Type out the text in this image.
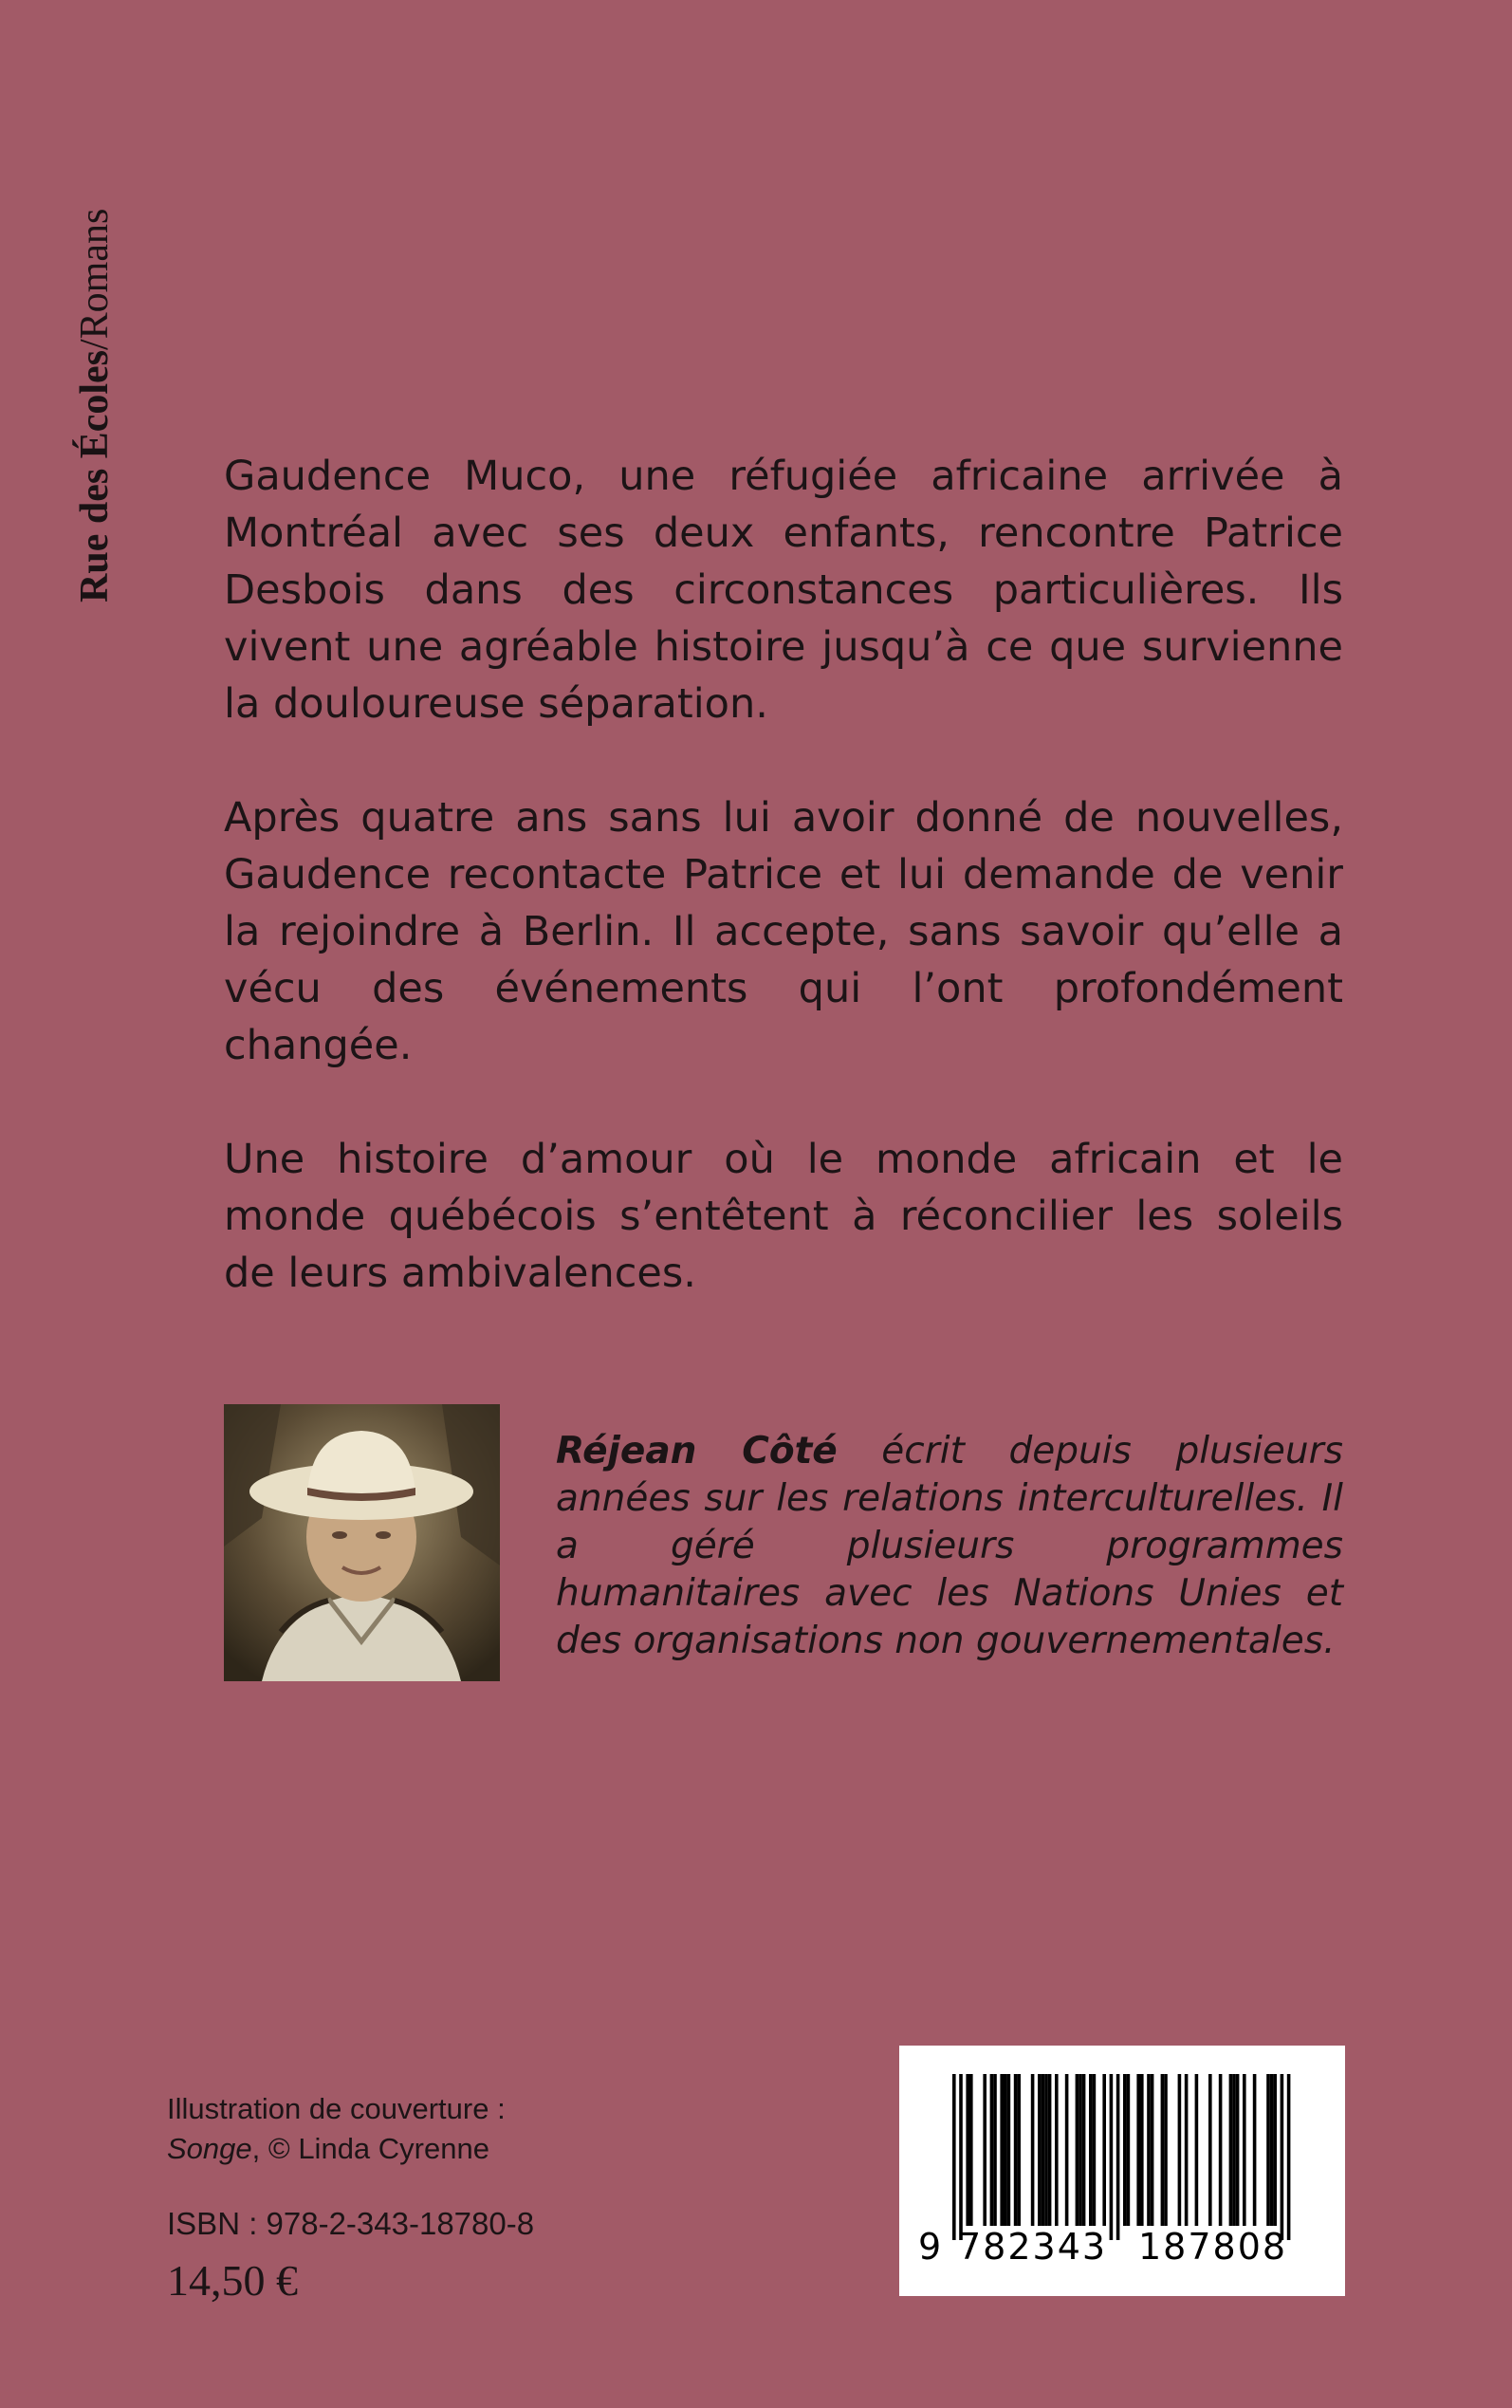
Rue des Écoles/Romans

Gaudence Muco, une réfugiée africaine arrivée à Montréal avec ses deux enfants, rencontre Patrice Desbois dans des circonstances particulières. Ils vivent une agréable histoire jusqu’à ce que survienne la douloureuse séparation.

Après quatre ans sans lui avoir donné de nouvelles, Gaudence recontacte Patrice et lui demande de venir la rejoindre à Berlin. Il accepte, sans savoir qu’elle a vécu des événements qui l’ont profondément changée.

Une histoire d’amour où le monde africain et le monde québécois s’entêtent à réconcilier les soleils de leurs ambivalences.

Réjean Côté écrit depuis plusieurs années sur les relations interculturelles. Il a géré plusieurs programmes humanitaires avec les Nations Unies et des organisations non gouvernementales.
Illustration de couverture :
Songe, © Linda Cyrenne
ISBN : 978-2-343-18780-8
14,50 €
9 782343 187808
